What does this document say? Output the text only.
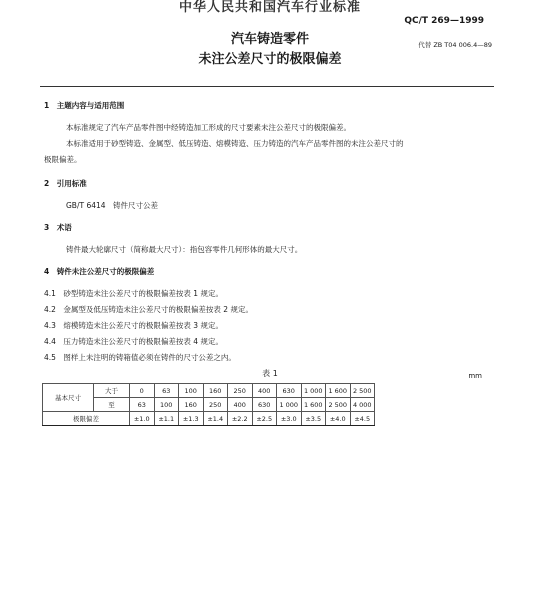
中华人民共和国汽车行业标准
QC/T 269—1999
代替 ZB T04 006.4—89
汽车铸造零件
未注公差尺寸的极限偏差
1　主题内容与适用范围
本标准规定了汽车产品零件图中经铸造加工形成的尺寸要素未注公差尺寸的极限偏差。
本标准适用于砂型铸造、金属型、低压铸造、熔模铸造、压力铸造的汽车产品零件图的未注公差尺寸的
极限偏差。
2　引用标准
GB/T 6414　铸件尺寸公差
3　术语
铸件最大轮廓尺寸（简称最大尺寸）：指包容零件几何形体的最大尺寸。
4　铸件未注公差尺寸的极限偏差
4.1　砂型铸造未注公差尺寸的极限偏差按表 1 规定。
4.2　金属型及低压铸造未注公差尺寸的极限偏差按表 2 规定。
4.3　熔模铸造未注公差尺寸的极限偏差按表 3 规定。
4.4　压力铸造未注公差尺寸的极限偏差按表 4 规定。
4.5　图样上未注明的铸箱值必须在铸件的尺寸公差之内。
表 1	mm
基本尺寸	大于	0	63	100	160	250	400	630	1 000	1 600	2 500
	至	63	100	160	250	400	630	1 000	1 600	2 500	4 000
极限偏差		±1.0	±1.1	±1.3	±1.4	±2.2	±2.5	±3.0	±3.5	±4.0	±4.5
